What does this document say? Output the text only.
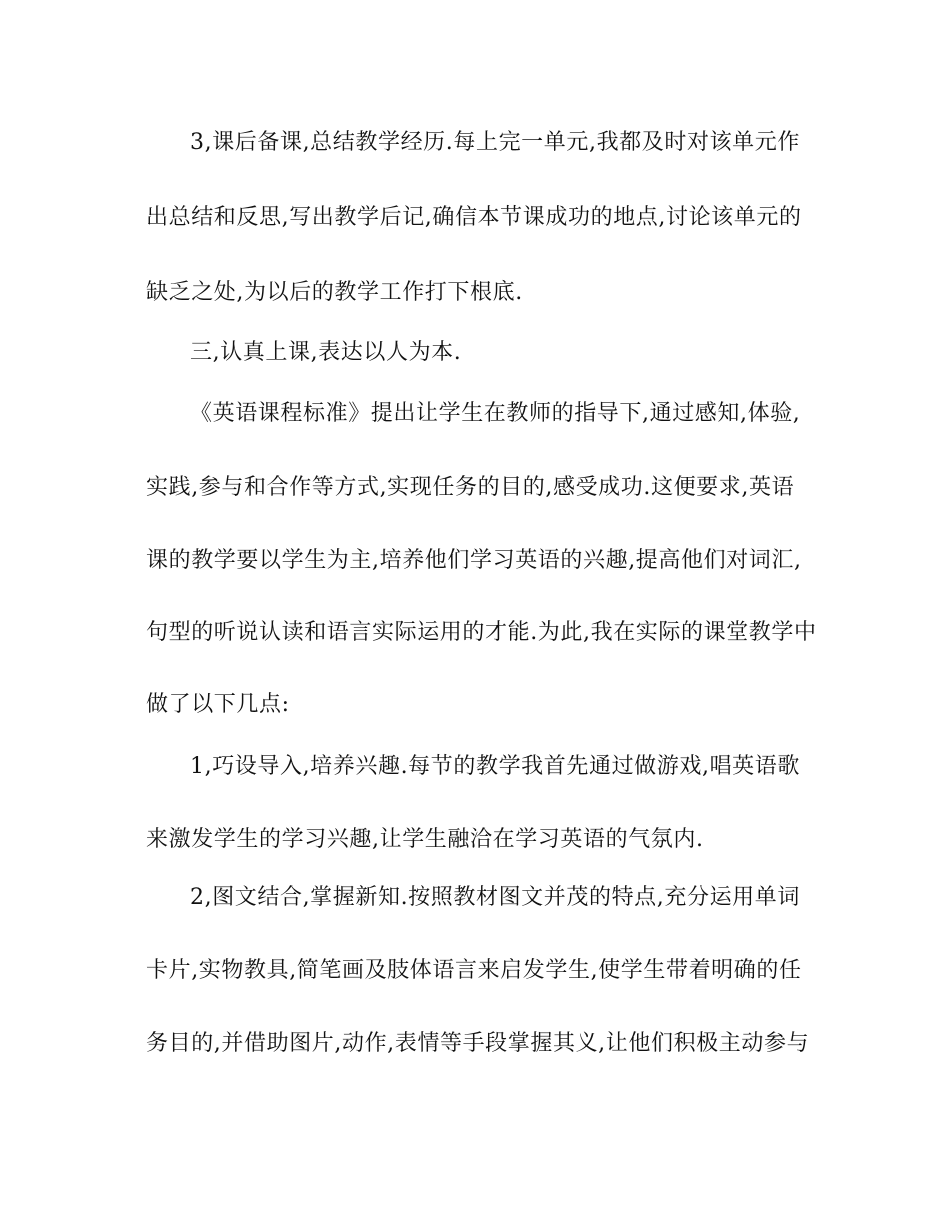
3,课后备课,总结教学经历.每上完一单元,我都及时对该单元作
出总结和反思,写出教学后记,确信本节课成功的地点,讨论该单元的
缺乏之处,为以后的教学工作打下根底.
三,认真上课,表达以人为本.
《英语课程标准》提出让学生在教师的指导下,通过感知,体验,
实践,参与和合作等方式,实现任务的目的,感受成功.这便要求,英语
课的教学要以学生为主,培养他们学习英语的兴趣,提高他们对词汇,
句型的听说认读和语言实际运用的才能.为此,我在实际的课堂教学中
做了以下几点:
1,巧设导入,培养兴趣.每节的教学我首先通过做游戏,唱英语歌
来激发学生的学习兴趣,让学生融洽在学习英语的气氛内.
2,图文结合,掌握新知.按照教材图文并茂的特点,充分运用单词
卡片,实物教具,简笔画及肢体语言来启发学生,使学生带着明确的任
务目的,并借助图片,动作,表情等手段掌握其义,让他们积极主动参与
